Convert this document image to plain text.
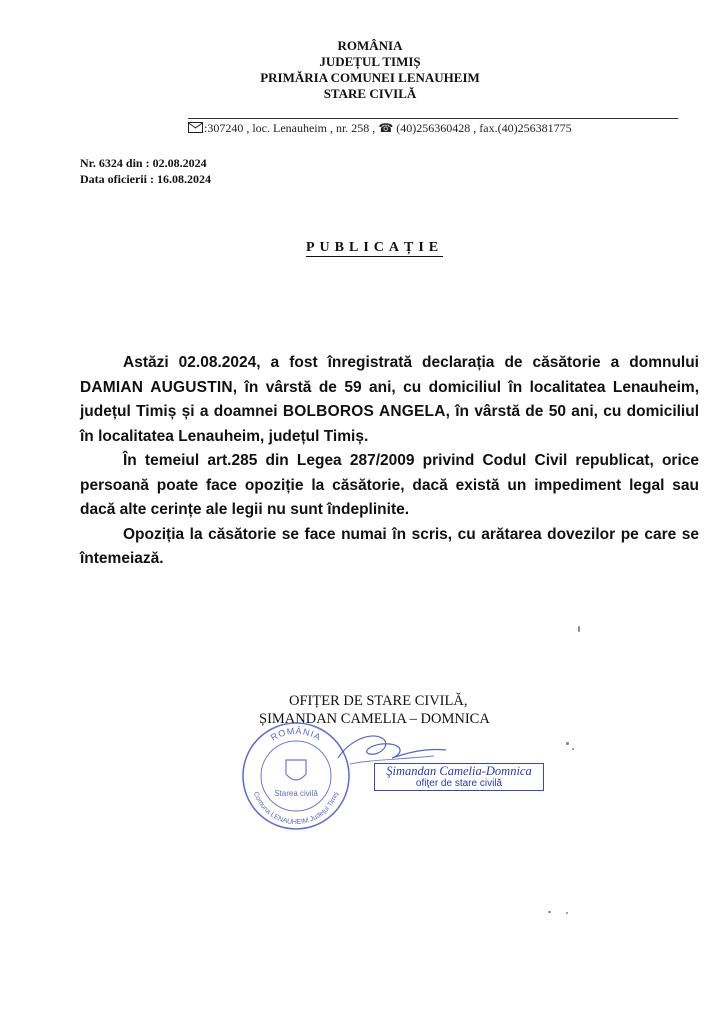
ROMÂNIA
JUDEȚUL TIMIȘ
PRIMĂRIA COMUNEI LENAUHEIM
STARE CIVILĂ
:307240 , loc. Lenauheim , nr. 258 , ☎ (40)256360428 , fax.(40)256381775
Nr. 6324 din : 02.08.2024
Data oficierii : 16.08.2024
PUBLICAȚIE

Astăzi 02.08.2024, a fost înregistrată declarația de căsătorie a domnului DAMIAN AUGUSTIN, în vârstă de 59 ani, cu domiciliul în localitatea Lenauheim, județul Timiș și a doamnei BOLBOROS ANGELA, în vârstă de 50 ani, cu domiciliul în localitatea Lenauheim, județul Timiș.

În temeiul art.285 din Legea 287/2009 privind Codul Civil republicat, orice persoană poate face opoziție la căsătorie, dacă există un impediment legal sau dacă alte cerințe ale legii nu sunt îndeplinite.

Opoziția la căsătorie se face numai în scris, cu arătarea dovezilor pe care se întemeiază.

OFIȚER DE STARE CIVILĂ,
ȘIMANDAN CAMELIA – DOMNICA
ROMÂNIA
Comuna LENAUHEIM Judeţul Timiş
Starea civilă
Şimandan Camelia-Domnica
ofiţer de stare civilă
